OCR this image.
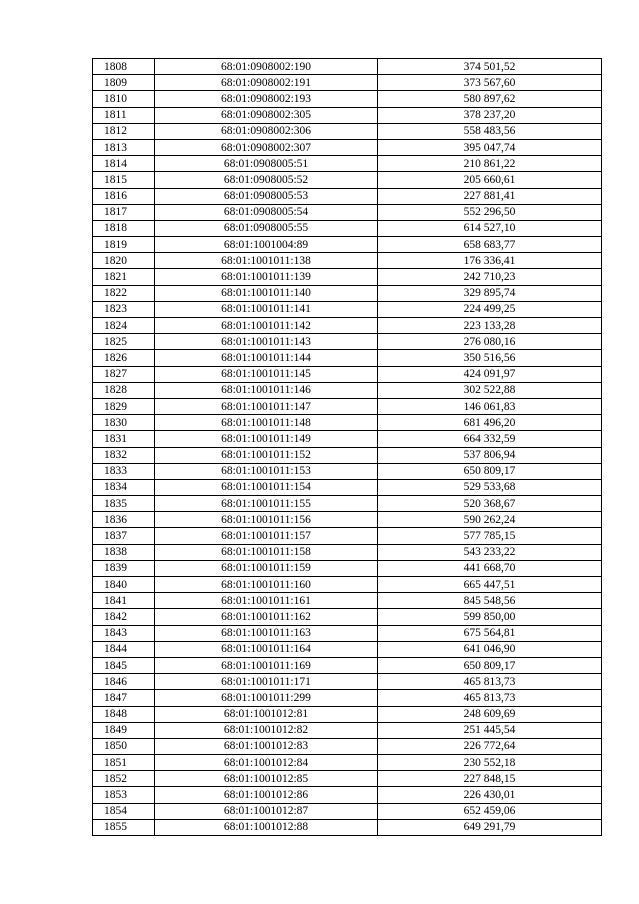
1808	68:01:0908002:190	374 501,52
1809	68:01:0908002:191	373 567,60
1810	68:01:0908002:193	580 897,62
1811	68:01:0908002:305	378 237,20
1812	68:01:0908002:306	558 483,56
1813	68:01:0908002:307	395 047,74
1814	68:01:0908005:51	210 861,22
1815	68:01:0908005:52	205 660,61
1816	68:01:0908005:53	227 881,41
1817	68:01:0908005:54	552 296,50
1818	68:01:0908005:55	614 527,10
1819	68:01:1001004:89	658 683,77
1820	68:01:1001011:138	176 336,41
1821	68:01:1001011:139	242 710,23
1822	68:01:1001011:140	329 895,74
1823	68:01:1001011:141	224 499,25
1824	68:01:1001011:142	223 133,28
1825	68:01:1001011:143	276 080,16
1826	68:01:1001011:144	350 516,56
1827	68:01:1001011:145	424 091,97
1828	68:01:1001011:146	302 522,88
1829	68:01:1001011:147	146 061,83
1830	68:01:1001011:148	681 496,20
1831	68:01:1001011:149	664 332,59
1832	68:01:1001011:152	537 806,94
1833	68:01:1001011:153	650 809,17
1834	68:01:1001011:154	529 533,68
1835	68:01:1001011:155	520 368,67
1836	68:01:1001011:156	590 262,24
1837	68:01:1001011:157	577 785,15
1838	68:01:1001011:158	543 233,22
1839	68:01:1001011:159	441 668,70
1840	68:01:1001011:160	665 447,51
1841	68:01:1001011:161	845 548,56
1842	68:01:1001011:162	599 850,00
1843	68:01:1001011:163	675 564,81
1844	68:01:1001011:164	641 046,90
1845	68:01:1001011:169	650 809,17
1846	68:01:1001011:171	465 813,73
1847	68:01:1001011:299	465 813,73
1848	68:01:1001012:81	248 609,69
1849	68:01:1001012:82	251 445,54
1850	68:01:1001012:83	226 772,64
1851	68:01:1001012:84	230 552,18
1852	68:01:1001012:85	227 848,15
1853	68:01:1001012:86	226 430,01
1854	68:01:1001012:87	652 459,06
1855	68:01:1001012:88	649 291,79
